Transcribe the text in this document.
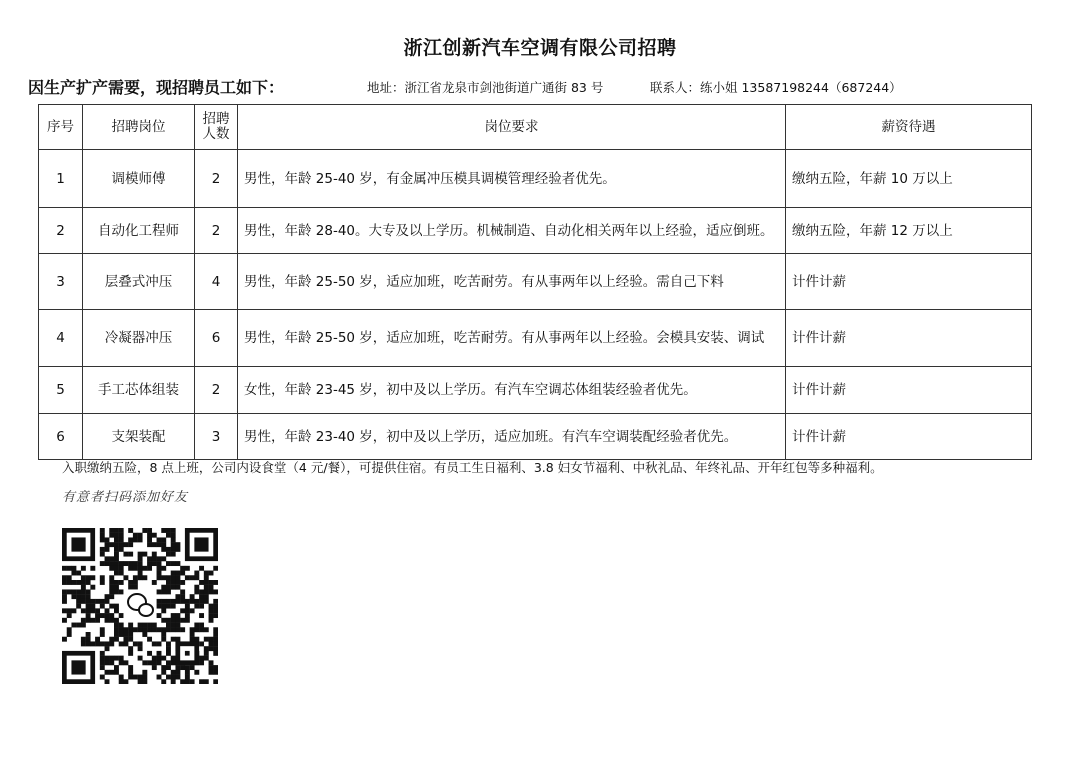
浙江创新汽车空调有限公司招聘
因生产扩产需要，现招聘员工如下：	地址：浙江省龙泉市剑池街道广通街 83 号	联系人：练小姐 13587198244（687244）
序号	招聘岗位	招聘人数	岗位要求	薪资待遇
1	调模师傅	2	男性，年龄 25-40 岁，有金属冲压模具调模管理经验者优先。	缴纳五险，年薪 10 万以上
2	自动化工程师	2	男性，年龄 28-40。大专及以上学历。机械制造、自动化相关两年以上经验，适应倒班。	缴纳五险，年薪 12 万以上
3	层叠式冲压	4	男性，年龄 25-50 岁，适应加班，吃苦耐劳。有从事两年以上经验。需自己下料	计件计薪
4	冷凝器冲压	6	男性，年龄 25-50 岁，适应加班，吃苦耐劳。有从事两年以上经验。会模具安装、调试	计件计薪
5	手工芯体组装	2	女性，年龄 23-45 岁，初中及以上学历。有汽车空调芯体组装经验者优先。	计件计薪
6	支架装配	3	男性，年龄 23-40 岁，初中及以上学历，适应加班。有汽车空调装配经验者优先。	计件计薪
入职缴纳五险，8 点上班，公司内设食堂（4 元/餐），可提供住宿。有员工生日福利、3.8 妇女节福利、中秋礼品、年终礼品、开年红包等多种福利。
有意者扫码添加好友
